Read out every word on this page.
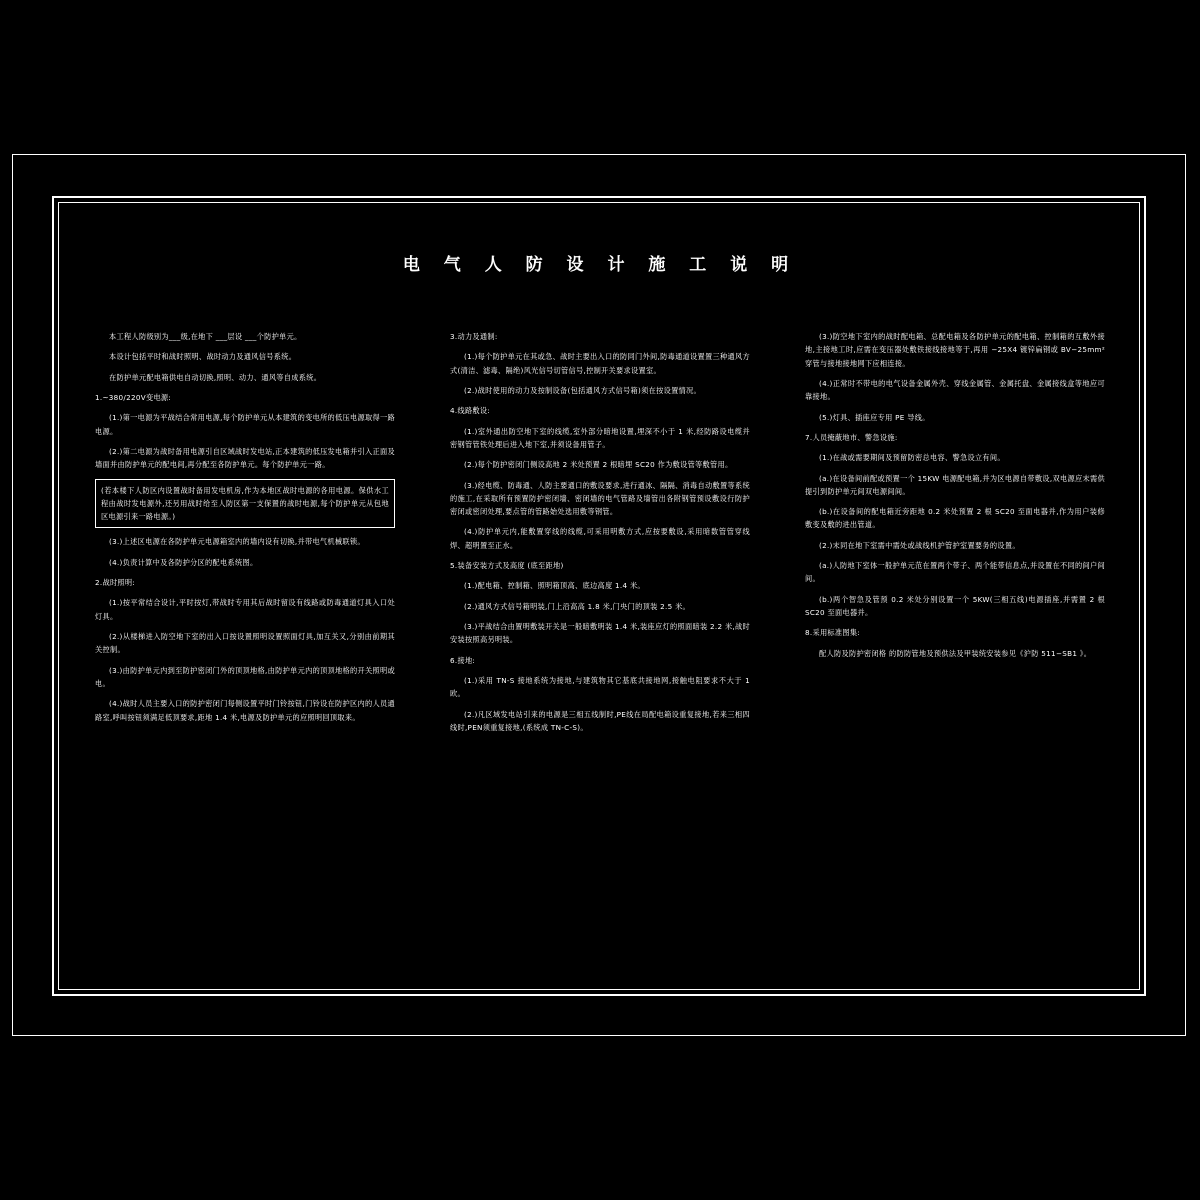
电 气 人 防 设 计 施 工 说 明

本工程人防级别为___级,在地下 ___层设 ___个防护单元。

本设计包括平时和战时照明、战时动力及通风信号系统。

在防护单元配电箱供电自动切换,照明、动力、通风等自成系统。

1.~380/220V变电源:

(1.)第一电源为平战结合常用电源,每个防护单元从本建筑的变电所的低压电源取得一路电源。

(2.)第二电源为战时备用电源引自区域战时发电站,正本建筑的低压发电箱并引入正面及墙面并由防护单元的配电间,再分配至各防护单元。每个防护单元一路。

(若本楼下人防区内设置战时备用发电机房,作为本地区战时电源的各用电源。保供水工程由战时发电源外,还另用战时给至人防区第一支保置的战时电源,每个防护单元从包地区电源引来一路电源。)

(3.)上述区电源在各防护单元电源箱室内的墙内设有切换,并带电气机械联锁。

(4.)负责计算中及各防护分区的配电系统图。

2.战时照明:

(1.)按平常结合设计,平时按灯,带战时专用其后战时留设有线路或防毒通道灯具入口处灯具。

(2.)从楼梯进入防空地下室的出入口按设置照明设置照面灯具,加互关又,分别由前期其关控制。

(3.)由防护单元内到至防护密闭门外的顶顶地格,由防护单元内的顶顶地格的开关照明或电。

(4.)战时人员主要入口的防护密闭门每侧设置平时门铃按钮,门铃设在防护区内的人员通路室,呼叫按钮须满足低顶要求,距地 1.4 米,电源及防护单元的应照明回顶取来。

3.动力及通制:

(1.)每个防护单元在其或急、战时主要出入口的防同门外间,防毒通道设置置三种通风方式(清洁、滤毒、隔绝)风光信号切管信号,控制开关要求设置室。

(2.)战时使用的动力及按制设备(包括通风方式信号箱)须在按设置情况。

4.线路敷设:

(1.)室外通出防空地下室的线缆,室外部分暗地设置,埋深不小于 1 米,经防路设电缆并密钢管管铁处理后进入地下室,并须设备用管子。

(2.)每个防护密闭门侧设高地 2 米处预置 2 根暗埋 SC20 作为敷设管等敷管用。

(3.)经电缆、防毒通、人防主要通口的敷设要求,进行通冰、隔隔、消毒自动敷置等系统的施工,在采取所有预置防护密闭墙、密闭墙的电气管路及墙管出各附钢管预设敷设行防护密闭或密闭处理,要点管的管路始处选用敷等钢管。

(4.)防护单元内,能敷置穿线的线缆,可采用明敷方式,应按要敷设,采用暗数管管穿线焊、超明置至正水。

5.装备安装方式及高度 (底至距地)

(1.)配电箱、控制箱、照明箱顶高、底边高度 1.4 米。

(2.)通风方式信号箱明装,门上沿高高 1.8 米,门央门的顶装 2.5 米。

(3.)平战结合由置明敷装开关是一般暗敷明装 1.4 米,装座应灯的照面暗装 2.2 米,战时安装按照高另明装。

6.接地:

(1.)采用 TN-S 接地系统为接地,与建筑物其它基底共接地网,接触电阻要求不大于 1 欧。

(2.)凡区域发电站引来的电源是三相五线制时,PE线在局配电箱设重复接地,若来三相四线时,PEN须重复接地,(系统成 TN-C-S)。

(3.)防空地下室内的战时配电箱、总配电箱及各防护单元的配电箱、控制箱的互敷外接地,主接地工时,应需在变压器处敷铁接线接地等于,再用 −25X4 镀锌扁钢或 BV−25mm² 穿管与接地接地网下应相连接。

(4.)正常时不带电的电气设备金属外壳、穿线金属管、金属托盘、金属接线盒等地应可靠接地。

(5.)灯具、插座应专用 PE 导线。

7.人员掩蔽地市、警急设施:

(1.)在战或需要期间及预留防密总电容、警急设立有间。

(a.)在设备间前配或预置一个 15KW 电源配电箱,并为区电源自带敷设,双电源应末需供提引到防护单元间双电源间间。

(b.)在设备间的配电箱近旁距地 0.2 米处预置 2 根 SC20 至面电器并,作为用户装修敷变及敷的进出管道。

(2.)末同在地下室需中需处或战线机护管护室置要务的设置。

(a.)人防地下室体一般护单元范在置两个带子、两个能带信息点,并设置在不同的间户间间。

(b.)两个智急及管预 0.2 米处分别设置一个 5KW(三相五线)电源插座,并需置 2 根 SC20 至面电器并。

8.采用标准图集:

配人防及防护密闭格 的防防管地及预供法及甲装统安装参见《沪防 511−SB1 》。
